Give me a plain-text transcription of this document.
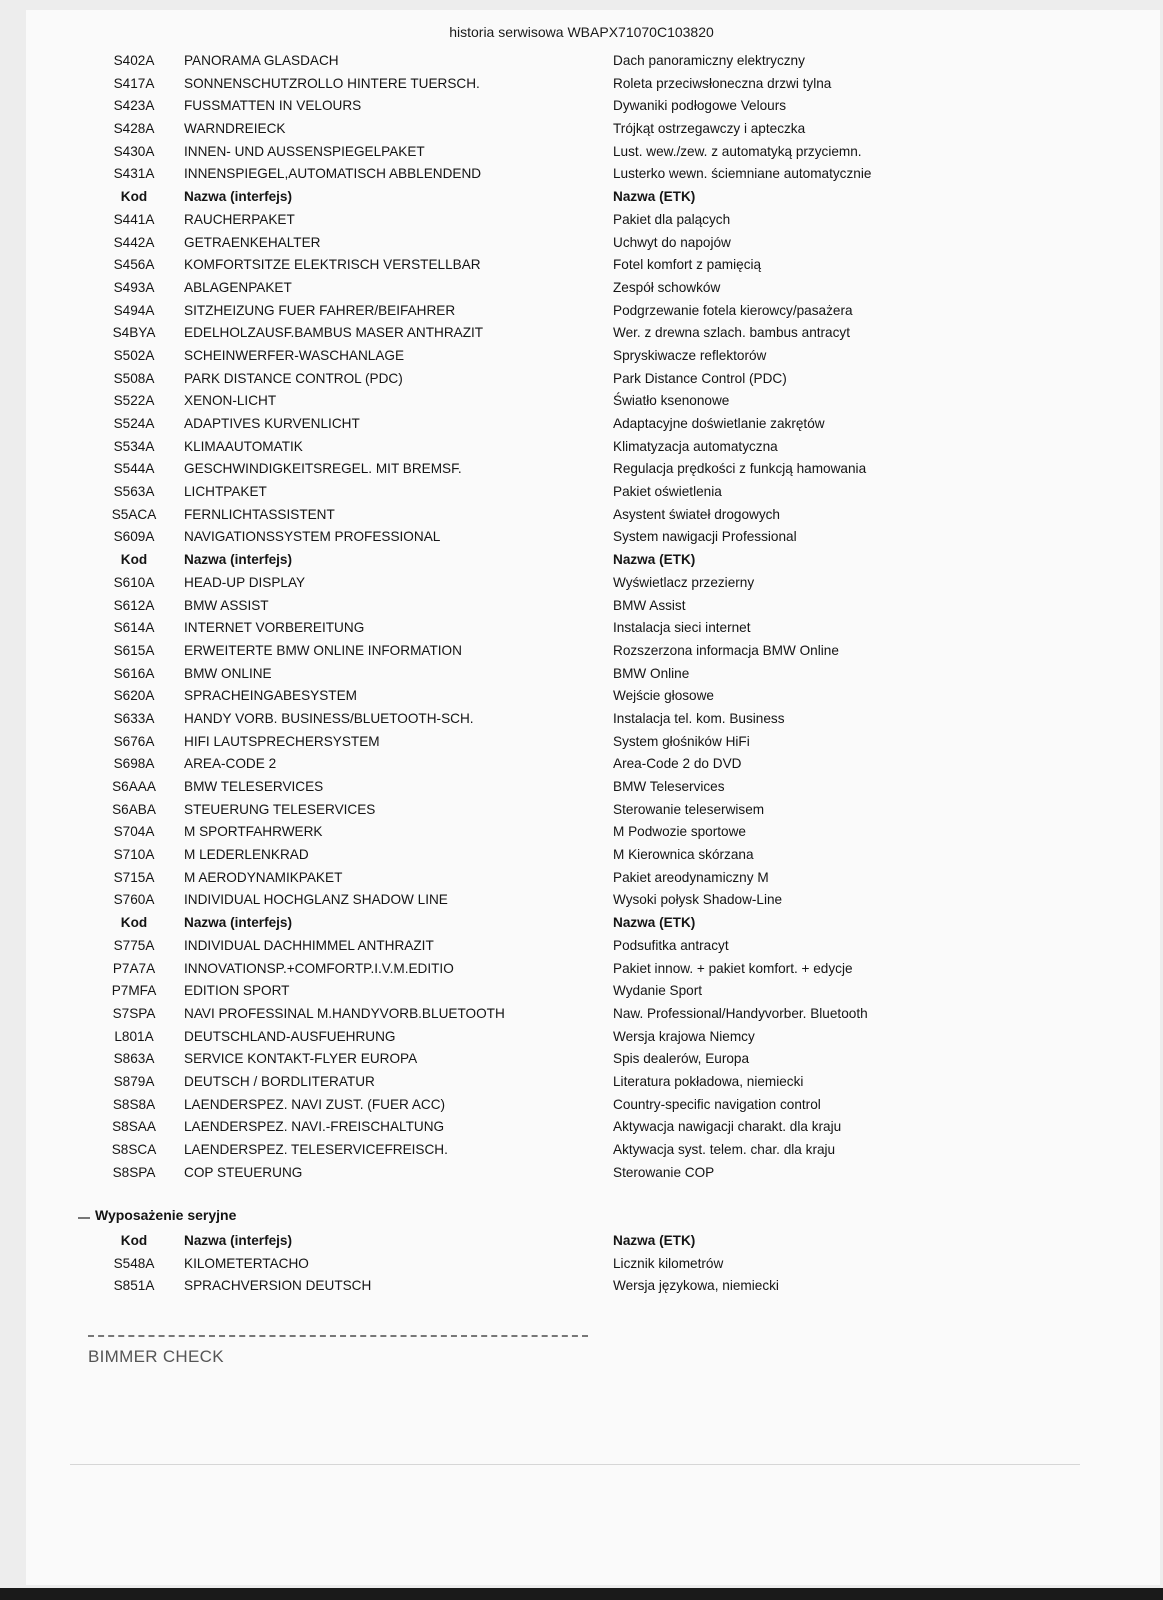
historia serwisowa WBAPX71070C103820
S402A	PANORAMA GLASDACH	Dach panoramiczny elektryczny
S417A	SONNENSCHUTZROLLO HINTERE TUERSCH.	Roleta przeciwsłoneczna drzwi tylna
S423A	FUSSMATTEN IN VELOURS	Dywaniki podłogowe Velours
S428A	WARNDREIECK	Trójkąt ostrzegawczy i apteczka
S430A	INNEN- UND AUSSENSPIEGELPAKET	Lust. wew./zew. z automatyką przyciemn.
S431A	INNENSPIEGEL,AUTOMATISCH ABBLENDEND	Lusterko wewn. ściemniane automatycznie
Kod	Nazwa (interfejs)	Nazwa (ETK)
S441A	RAUCHERPAKET	Pakiet dla palących
S442A	GETRAENKEHALTER	Uchwyt do napojów
S456A	KOMFORTSITZE ELEKTRISCH VERSTELLBAR	Fotel komfort z pamięcią
S493A	ABLAGENPAKET	Zespół schowków
S494A	SITZHEIZUNG FUER FAHRER/BEIFAHRER	Podgrzewanie fotela kierowcy/pasażera
S4BYA	EDELHOLZAUSF.BAMBUS MASER ANTHRAZIT	Wer. z drewna szlach. bambus antracyt
S502A	SCHEINWERFER-WASCHANLAGE	Spryskiwacze reflektorów
S508A	PARK DISTANCE CONTROL (PDC)	Park Distance Control (PDC)
S522A	XENON-LICHT	Światło ksenonowe
S524A	ADAPTIVES KURVENLICHT	Adaptacyjne doświetlanie zakrętów
S534A	KLIMAAUTOMATIK	Klimatyzacja automatyczna
S544A	GESCHWINDIGKEITSREGEL. MIT BREMSF.	Regulacja prędkości z funkcją hamowania
S563A	LICHTPAKET	Pakiet oświetlenia
S5ACA	FERNLICHTASSISTENT	Asystent świateł drogowych
S609A	NAVIGATIONSSYSTEM PROFESSIONAL	System nawigacji Professional
Kod	Nazwa (interfejs)	Nazwa (ETK)
S610A	HEAD-UP DISPLAY	Wyświetlacz przezierny
S612A	BMW ASSIST	BMW Assist
S614A	INTERNET VORBEREITUNG	Instalacja sieci internet
S615A	ERWEITERTE BMW ONLINE INFORMATION	Rozszerzona informacja BMW Online
S616A	BMW ONLINE	BMW Online
S620A	SPRACHEINGABESYSTEM	Wejście głosowe
S633A	HANDY VORB. BUSINESS/BLUETOOTH-SCH.	Instalacja tel. kom. Business
S676A	HIFI LAUTSPRECHERSYSTEM	System głośników HiFi
S698A	AREA-CODE 2	Area-Code 2 do DVD
S6AAA	BMW TELESERVICES	BMW Teleservices
S6ABA	STEUERUNG TELESERVICES	Sterowanie teleserwisem
S704A	M SPORTFAHRWERK	M Podwozie sportowe
S710A	M LEDERLENKRAD	M Kierownica skórzana
S715A	M AERODYNAMIKPAKET	Pakiet areodynamiczny M
S760A	INDIVIDUAL HOCHGLANZ SHADOW LINE	Wysoki połysk Shadow-Line
Kod	Nazwa (interfejs)	Nazwa (ETK)
S775A	INDIVIDUAL DACHHIMMEL ANTHRAZIT	Podsufitka antracyt
P7A7A	INNOVATIONSP.+COMFORTP.I.V.M.EDITIO	Pakiet innow. + pakiet komfort. + edycje
P7MFA	EDITION SPORT	Wydanie Sport
S7SPA	NAVI PROFESSINAL M.HANDYVORB.BLUETOOTH	Naw. Professional/Handyvorber. Bluetooth
L801A	DEUTSCHLAND-AUSFUEHRUNG	Wersja krajowa Niemcy
S863A	SERVICE KONTAKT-FLYER EUROPA	Spis dealerów, Europa
S879A	DEUTSCH / BORDLITERATUR	Literatura pokładowa, niemiecki
S8S8A	LAENDERSPEZ. NAVI ZUST. (FUER ACC)	Country-specific navigation control
S8SAA	LAENDERSPEZ. NAVI.-FREISCHALTUNG	Aktywacja nawigacji charakt. dla kraju
S8SCA	LAENDERSPEZ. TELESERVICEFREISCH.	Aktywacja syst. telem. char. dla kraju
S8SPA	COP STEUERUNG	Sterowanie COP
Wyposażenie seryjne
Kod	Nazwa (interfejs)	Nazwa (ETK)
S548A	KILOMETERTACHO	Licznik kilometrów
S851A	SPRACHVERSION DEUTSCH	Wersja językowa, niemiecki
BIMMER CHECK
